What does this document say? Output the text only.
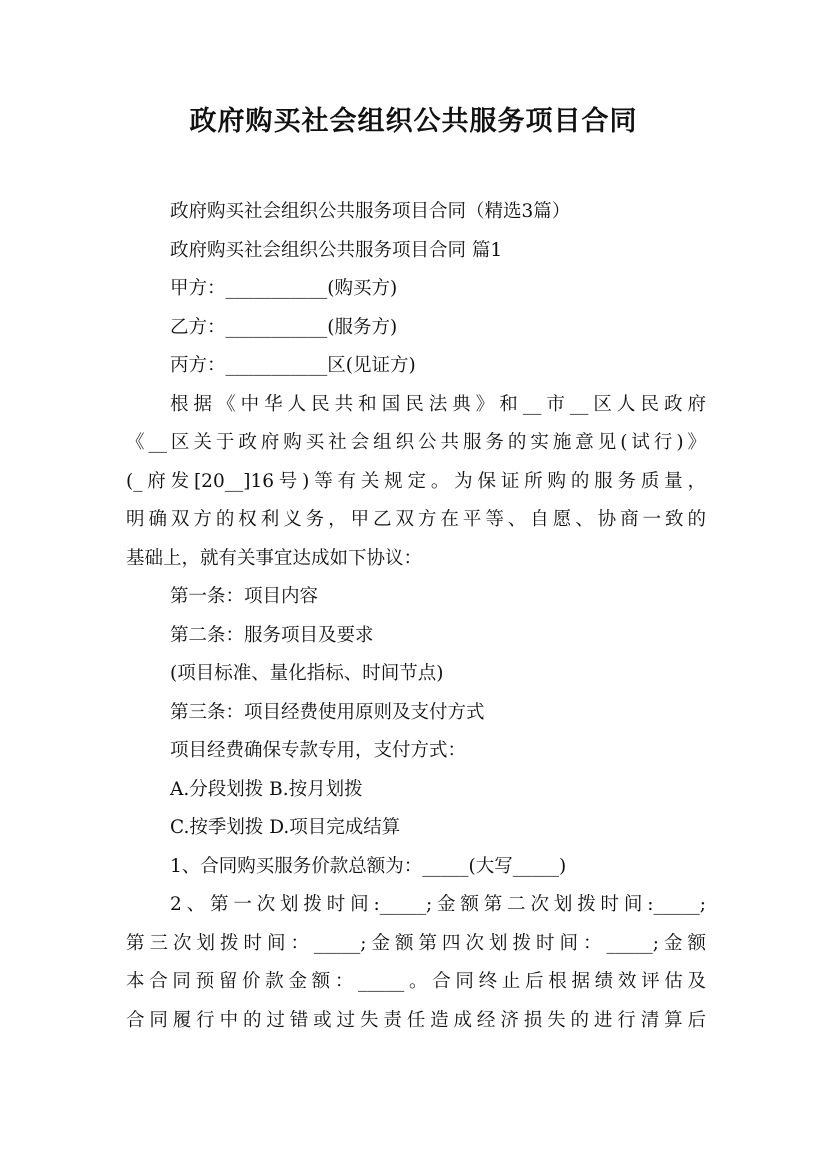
政府购买社会组织公共服务项目合同
政府购买社会组织公共服务项目合同（精选3篇）
政府购买社会组织公共服务项目合同 篇1
甲方：___________(购买方)
乙方：___________(服务方)
丙方：___________区(见证方)
根据《中华人民共和国民法典》和__市__区人民政府
《__区关于政府购买社会组织公共服务的实施意见(试行)》
(_府发[20__]16号)等有关规定。为保证所购的服务质量，
明确双方的权利义务，甲乙双方在平等、自愿、协商一致的
基础上，就有关事宜达成如下协议：
第一条：项目内容
第二条：服务项目及要求
(项目标准、量化指标、时间节点)
第三条：项目经费使用原则及支付方式
项目经费确保专款专用，支付方式：
A.分段划拨 B.按月划拨
C.按季划拨 D.项目完成结算
1、合同购买服务价款总额为：_____(大写_____)
2、第一次划拨时间:_____;金额第二次划拨时间:_____;
第三次划拨时间：_____;金额第四次划拨时间：_____;金额
本合同预留价款金额：_____。合同终止后根据绩效评估及
合同履行中的过错或过失责任造成经济损失的进行清算后
